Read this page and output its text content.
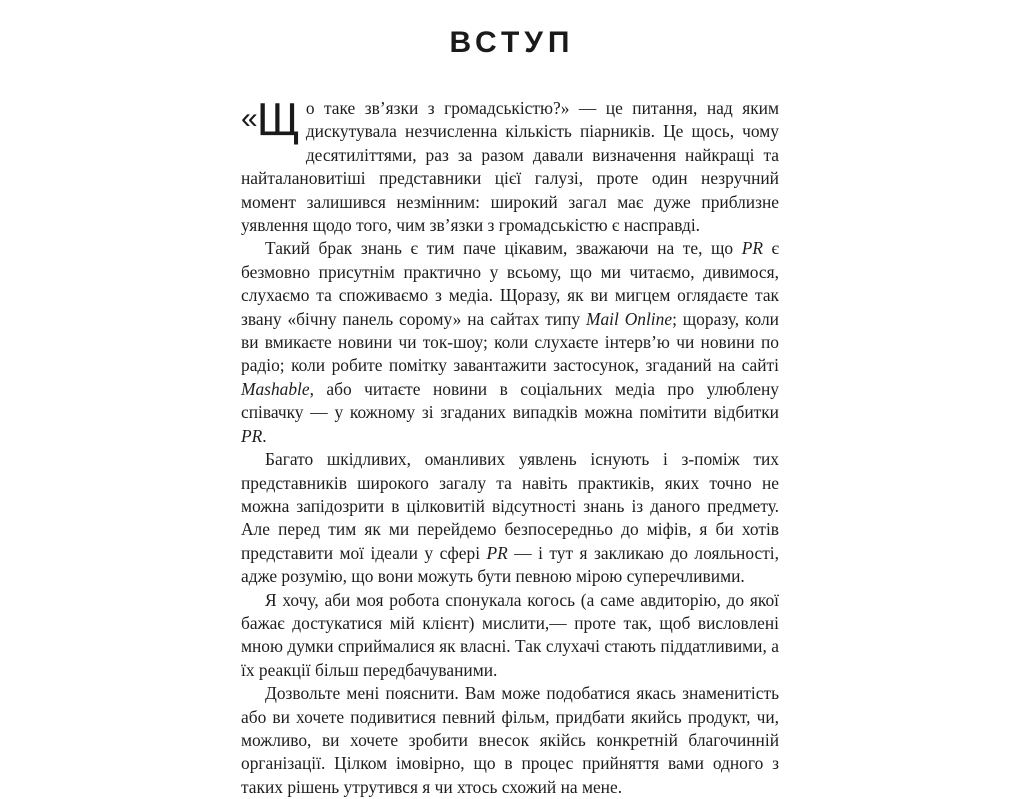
ВСТУП

« Щ о таке зв’язки з громадськістю?» — це питання, над яким дискутувала незчисленна кількість піарників. Це щось, чому десятиліттями, раз за разом давали визначення найкращі та найталановитіші представники цієї галузі, проте один незручний момент залишився незмінним: широкий загал має дуже приблизне уявлення щодо того, чим зв’язки з громадськістю є насправді.

Такий брак знань є тим паче цікавим, зважаючи на те, що PR є безмовно присутнім практично у всьому, що ми читаємо, дивимося, слухаємо та споживаємо з медіа. Щоразу, як ви мигцем оглядаєте так звану «бічну панель сорому» на сайтах типу Mail Online; щоразу, коли ви вмикаєте новини чи ток-шоу; коли слухаєте інтерв’ю чи новини по радіо; коли робите помітку завантажити застосунок, згаданий на сайті Mashable, або читаєте новини в соціальних медіа про улюблену співачку — у кожному зі згаданих випадків можна помітити відбитки PR.

Багато шкідливих, оманливих уявлень існують і з-поміж тих представників широкого загалу та навіть практиків, яких точно не можна запідозрити в цілковитій відсутності знань із даного предмету. Але перед тим як ми перейдемо безпосередньо до міфів, я би хотів представити мої ідеали у сфері PR — і тут я закликаю до лояльності, адже розумію, що вони можуть бути певною мірою суперечливими.

Я хочу, аби моя робота спонукала когось (а саме авдиторію, до якої бажає достукатися мій клієнт) мислити,— проте так, щоб висловлені мною думки сприймалися як власні. Так слухачі стають піддатливими, а їх реакції більш передбачуваними.

Дозвольте мені пояснити. Вам може подобатися якась знаменитість або ви хочете подивитися певний фільм, придбати якийсь продукт, чи, можливо, ви хочете зробити внесок якійсь конкретній благочинній організації. Цілком імовірно, що в процес прийняття вами одного з таких рішень утрутився я чи хтось схожий на мене.
